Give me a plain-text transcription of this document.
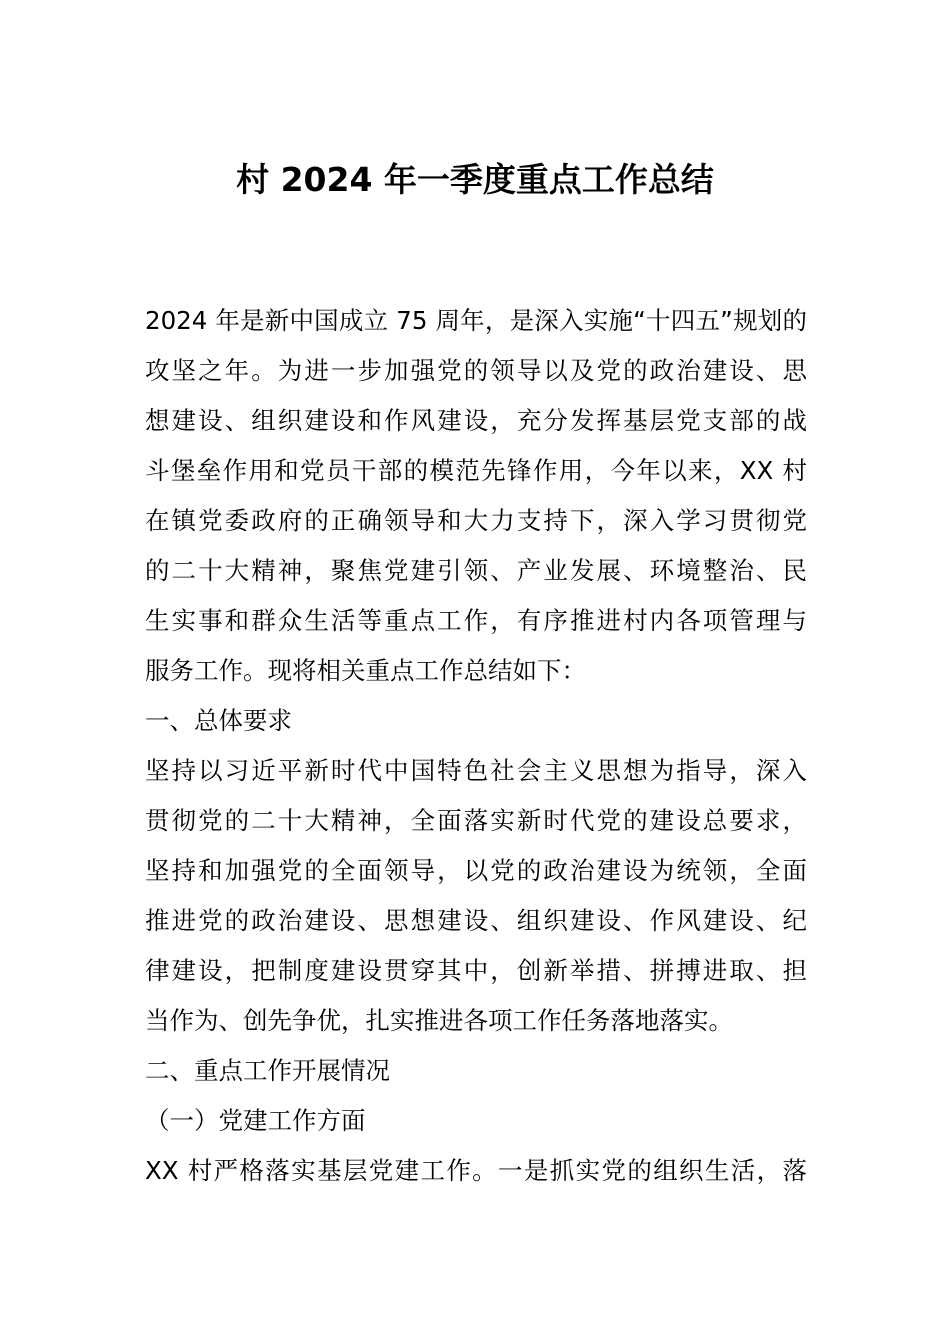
村 2024 年一季度重点工作总结
2024 年是新中国成立 75 周年，是深入实施“十四五”规划的
攻坚之年。为进一步加强党的领导以及党的政治建设、思
想建设、组织建设和作风建设，充分发挥基层党支部的战
斗堡垒作用和党员干部的模范先锋作用，今年以来，XX 村
在镇党委政府的正确领导和大力支持下，深入学习贯彻党
的二十大精神，聚焦党建引领、产业发展、环境整治、民
生实事和群众生活等重点工作，有序推进村内各项管理与
服务工作。现将相关重点工作总结如下：
一、总体要求
坚持以习近平新时代中国特色社会主义思想为指导，深入
贯彻党的二十大精神，全面落实新时代党的建设总要求，
坚持和加强党的全面领导，以党的政治建设为统领，全面
推进党的政治建设、思想建设、组织建设、作风建设、纪
律建设，把制度建设贯穿其中，创新举措、拼搏进取、担
当作为、创先争优，扎实推进各项工作任务落地落实。
二、重点工作开展情况
（一）党建工作方面
XX 村严格落实基层党建工作。一是抓实党的组织生活，落
